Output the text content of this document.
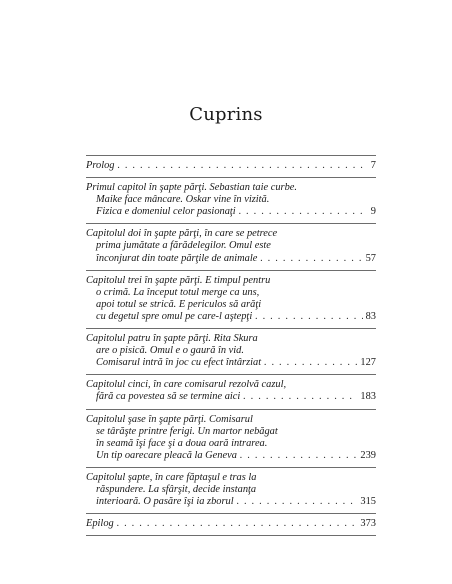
Cuprins
Prolog . . .	7
Primul capitol în şapte părţi. Sebastian taie curbe.
Maike face mâncare. Oskar vine în vizită.
Fizica e domeniul celor pasionaţi . . .	9
Capitolul doi în şapte părţi, în care se petrece
prima jumătate a fărădelegilor. Omul este
înconjurat din toate părţile de animale . . .	57
Capitolul trei în şapte părţi. E timpul pentru
o crimă. La început totul merge ca uns,
apoi totul se strică. E periculos să arăţi
cu degetul spre omul pe care-l aştepţi . . .	83
Capitolul patru în şapte părţi. Rita Skura
are o pisică. Omul e o gaură în vid.
Comisarul intră în joc cu efect întârziat . . .	127
Capitolul cinci, în care comisarul rezolvă cazul,
fără ca povestea să se termine aici . . .	183
Capitolul şase în şapte părţi. Comisarul
se târăşte printre ferigi. Un martor nebăgat
în seamă îşi face şi a doua oară intrarea.
Un tip oarecare pleacă la Geneva . . .	239
Capitolul şapte, în care făptaşul e tras la
răspundere. La sfârşit, decide instanţa
interioară. O pasăre îşi ia zborul . . .	315
Epilog . . .	373
